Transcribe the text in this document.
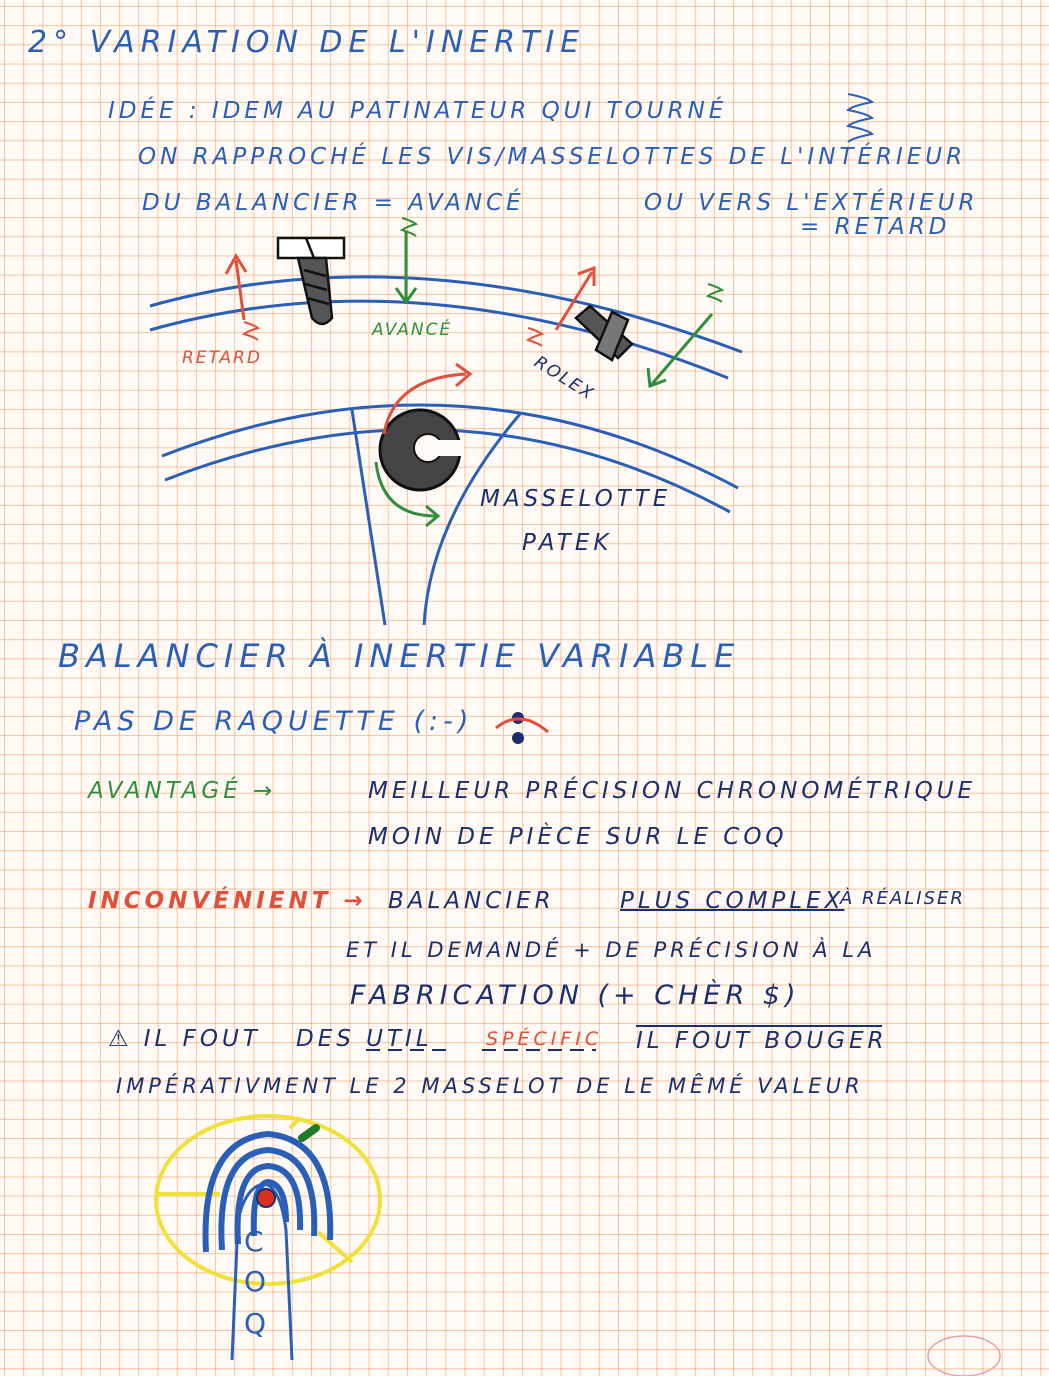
2° VARIATION DE L'INERTIE
IDÉE : IDEM AU PATINATEUR QUI TOURNÉ
ON RAPPROCHÉ LES VIS/MASSELOTTES DE L'INTÉRIEUR
DU BALANCIER = AVANCÉ	OU VERS L'EXTÉRIEUR
= RETARD
RETARD
AVANCÉ
ROLEX
MASSELOTTE
PATEK
BALANCIER À INERTIE VARIABLE
PAS DE RAQUETTE (:-)
AVANTAGÉ →	MEILLEUR PRÉCISION CHRONOMÉTRIQUE
MOIN DE PIÈCE SUR LE COQ
INCONVÉNIENT → BALANCIER	PLUS COMPLEX
À RÉALISER
ET IL DEMANDÉ + DE PRÉCISION À LA
FABRICATION (+ CHÈR $)
⚠ IL FOUT DES UTIL	SPÉCIFIC IL FOUT BOUGER
IMPÉRATIVMENT LE 2 MASSELOT DE LE MÊMÉ VALEUR
C
O
Q
